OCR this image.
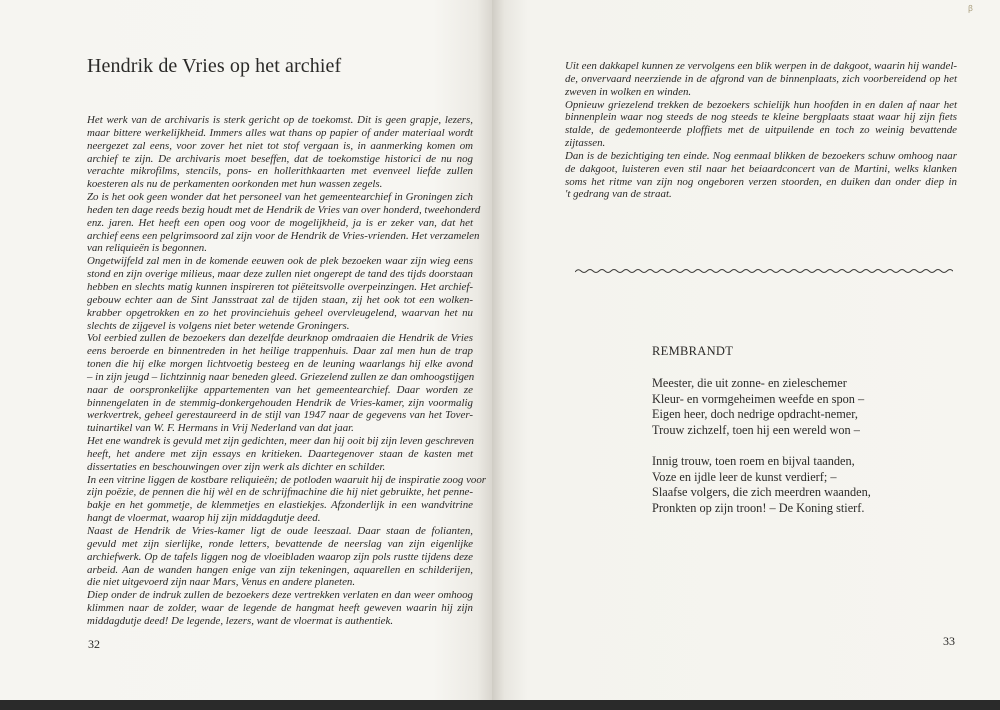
Hendrik de Vries op het archief
Het werk van de archivaris is sterk gericht op de toekomst. Dit is geen grapje, lezers,
maar bittere werkelijkheid. Immers alles wat thans op papier of ander materiaal wordt
neergezet zal eens, voor zover het niet tot stof vergaan is, in aanmerking komen om
archief te zijn. De archivaris moet beseffen, dat de toekomstige historici de nu nog
verachte mikrofilms, stencils, pons- en hollerithkaarten met evenveel liefde zullen
koesteren als nu de perkamenten oorkonden met hun wassen zegels.
Zo is het ook geen wonder dat het personeel van het gemeentearchief in Groningen zich
heden ten dage reeds bezig houdt met de Hendrik de Vries van over honderd, tweehonderd
enz. jaren. Het heeft een open oog voor de mogelijkheid, ja is er zeker van, dat het
archief eens een pelgrimsoord zal zijn voor de Hendrik de Vries-vrienden. Het verzamelen
van reliquieën is begonnen.
Ongetwijfeld zal men in de komende eeuwen ook de plek bezoeken waar zijn wieg eens
stond en zijn overige milieus, maar deze zullen niet ongerept de tand des tijds doorstaan
hebben en slechts matig kunnen inspireren tot piëteitsvolle overpeinzingen. Het archief-
gebouw echter aan de Sint Jansstraat zal de tijden staan, zij het ook tot een wolken-
krabber opgetrokken en zo het provinciehuis geheel overvleugelend, waarvan het nu
slechts de zijgevel is volgens niet beter wetende Groningers.
Vol eerbied zullen de bezoekers dan dezelfde deurknop omdraaien die Hendrik de Vries
eens beroerde en binnentreden in het heilige trappenhuis. Daar zal men hun de trap
tonen die hij elke morgen lichtvoetig besteeg en de leuning waarlangs hij elke avond
– in zijn jeugd – lichtzinnig naar beneden gleed. Griezelend zullen ze dan omhoogstijgen
naar de oorspronkelijke appartementen van het gemeentearchief. Daar worden ze
binnengelaten in de stemmig-donkergehouden Hendrik de Vries-kamer, zijn voormalig
werkvertrek, geheel gerestaureerd in de stijl van 1947 naar de gegevens van het Tover-
tuinartikel van W. F. Hermans in Vrij Nederland van dat jaar.
Het ene wandrek is gevuld met zijn gedichten, meer dan hij ooit bij zijn leven geschreven
heeft, het andere met zijn essays en kritieken. Daartegenover staan de kasten met
dissertaties en beschouwingen over zijn werk als dichter en schilder.
In een vitrine liggen de kostbare reliquieën; de potloden waaruit hij de inspiratie zoog voor
zijn poëzie, de pennen die hij wèl en de schrijfmachine die hij niet gebruikte, het penne-
bakje en het gommetje, de klemmetjes en elastiekjes. Afzonderlijk in een wandvitrine
hangt de vloermat, waarop hij zijn middagdutje deed.
Naast de Hendrik de Vries-kamer ligt de oude leeszaal. Daar staan de folianten,
gevuld met zijn sierlijke, ronde letters, bevattende de neerslag van zijn eigenlijke
archiefwerk. Op de tafels liggen nog de vloeibladen waarop zijn pols rustte tijdens deze
arbeid. Aan de wanden hangen enige van zijn tekeningen, aquarellen en schilderijen,
die niet uitgevoerd zijn naar Mars, Venus en andere planeten.
Diep onder de indruk zullen de bezoekers deze vertrekken verlaten en dan weer omhoog
klimmen naar de zolder, waar de legende de hangmat heeft geweven waarin hij zijn
middagdutje deed! De legende, lezers, want de vloermat is authentiek.
32
ꞵ
Uit een dakkapel kunnen ze vervolgens een blik werpen in de dakgoot, waarin hij wandel-
de, onvervaard neerziende in de afgrond van de binnenplaats, zich voorbereidend op het
zweven in wolken en winden.
Opnieuw griezelend trekken de bezoekers schielijk hun hoofden in en dalen af naar het
binnenplein waar nog steeds de nog steeds te kleine bergplaats staat waar hij zijn fiets
stalde, de gedemonteerde ploffiets met de uitpuilende en toch zo weinig bevattende
zijtassen.
Dan is de bezichtiging ten einde. Nog eenmaal blikken de bezoekers schuw omhoog naar
de dakgoot, luisteren even stil naar het beiaardconcert van de Martini, welks klanken
soms het ritme van zijn nog ongeboren verzen stoorden, en duiken dan onder diep in
't gedrang van de straat.
REMBRANDT
Meester, die uit zonne- en zieleschemer
Kleur- en vormgeheimen weefde en spon –
Eigen heer, doch nedrige opdracht-nemer,
Trouw zichzelf, toen hij een wereld won –
Innig trouw, toen roem en bijval taanden,
Voze en ijdle leer de kunst verdierf; –
Slaafse volgers, die zich meerdren waanden,
Pronkten op zijn troon! – De Koning stierf.
33
